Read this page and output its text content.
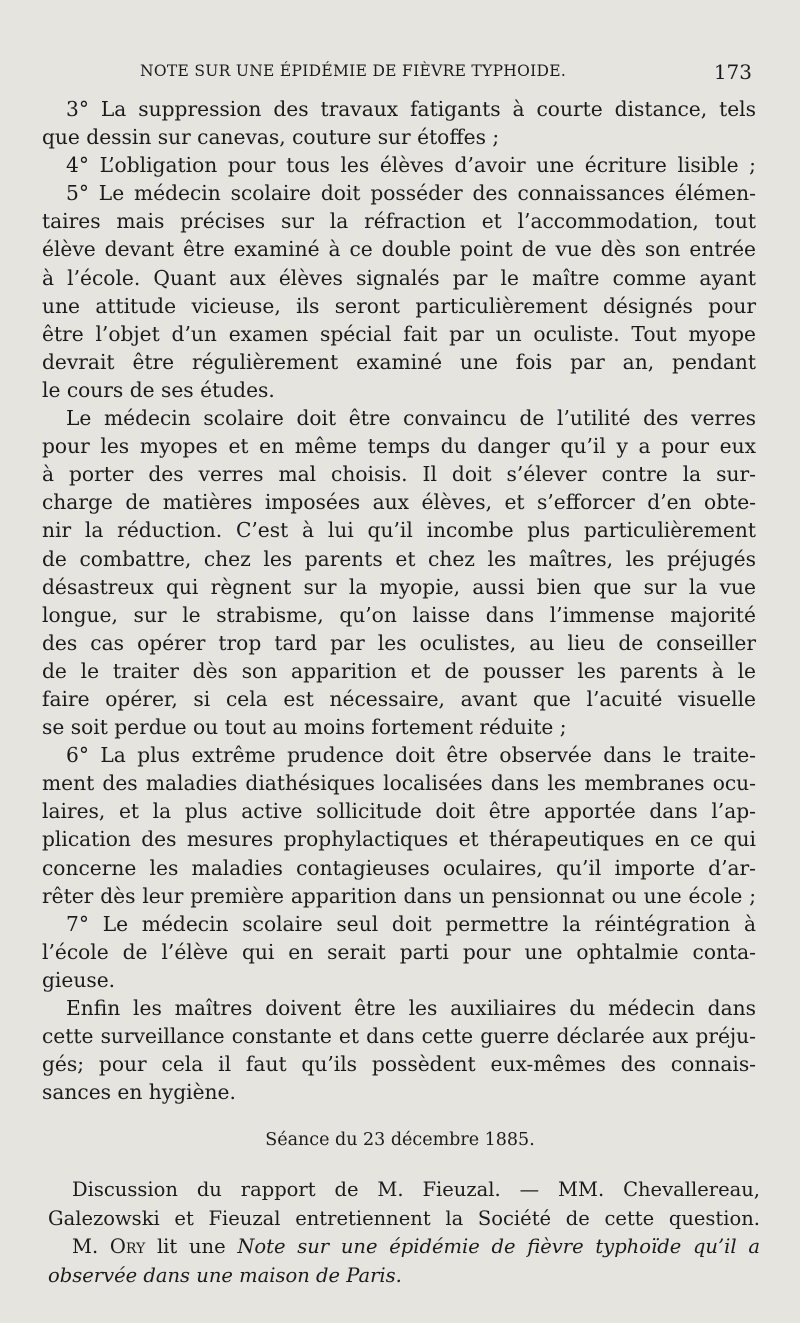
NOTE SUR UNE ÉPIDÉMIE DE FIÈVRE TYPHOIDE.	173
3° La suppression des travaux fatigants à courte distance, tels
que dessin sur canevas, couture sur étoffes ;
4° L’obligation pour tous les élèves d’avoir une écriture lisible ;
5° Le médecin scolaire doit posséder des connaissances élémen-
taires mais précises sur la réfraction et l’accommodation, tout
élève devant être examiné à ce double point de vue dès son entrée
à l’école. Quant aux élèves signalés par le maître comme ayant
une attitude vicieuse, ils seront particulièrement désignés pour
être l’objet d’un examen spécial fait par un oculiste. Tout myope
devrait être régulièrement examiné une fois par an, pendant
le cours de ses études.
Le médecin scolaire doit être convaincu de l’utilité des verres
pour les myopes et en même temps du danger qu’il y a pour eux
à porter des verres mal choisis. Il doit s’élever contre la sur-
charge de matières imposées aux élèves, et s’efforcer d’en obte-
nir la réduction. C’est à lui qu’il incombe plus particulièrement
de combattre, chez les parents et chez les maîtres, les préjugés
désastreux qui règnent sur la myopie, aussi bien que sur la vue
longue, sur le strabisme, qu’on laisse dans l’immense majorité
des cas opérer trop tard par les oculistes, au lieu de conseiller
de le traiter dès son apparition et de pousser les parents à le
faire opérer, si cela est nécessaire, avant que l’acuité visuelle
se soit perdue ou tout au moins fortement réduite ;
6° La plus extrême prudence doit être observée dans le traite-
ment des maladies diathésiques localisées dans les membranes ocu-
laires, et la plus active sollicitude doit être apportée dans l’ap-
plication des mesures prophylactiques et thérapeutiques en ce qui
concerne les maladies contagieuses oculaires, qu’il importe d’ar-
rêter dès leur première apparition dans un pensionnat ou une école ;
7° Le médecin scolaire seul doit permettre la réintégration à
l’école de l’élève qui en serait parti pour une ophtalmie conta-
gieuse.
Enfin les maîtres doivent être les auxiliaires du médecin dans
cette surveillance constante et dans cette guerre déclarée aux préju-
gés; pour cela il faut qu’ils possèdent eux-mêmes des connais-
sances en hygiène.
Séance du 23 décembre 1885.
Discussion du rapport de M. Fieuzal. — MM. Chevallereau,
Galezowski et Fieuzal entretiennent la Société de cette question.
M. Ory lit une Note sur une épidémie de fièvre typhoïde qu’il a
observée dans une maison de Paris.
